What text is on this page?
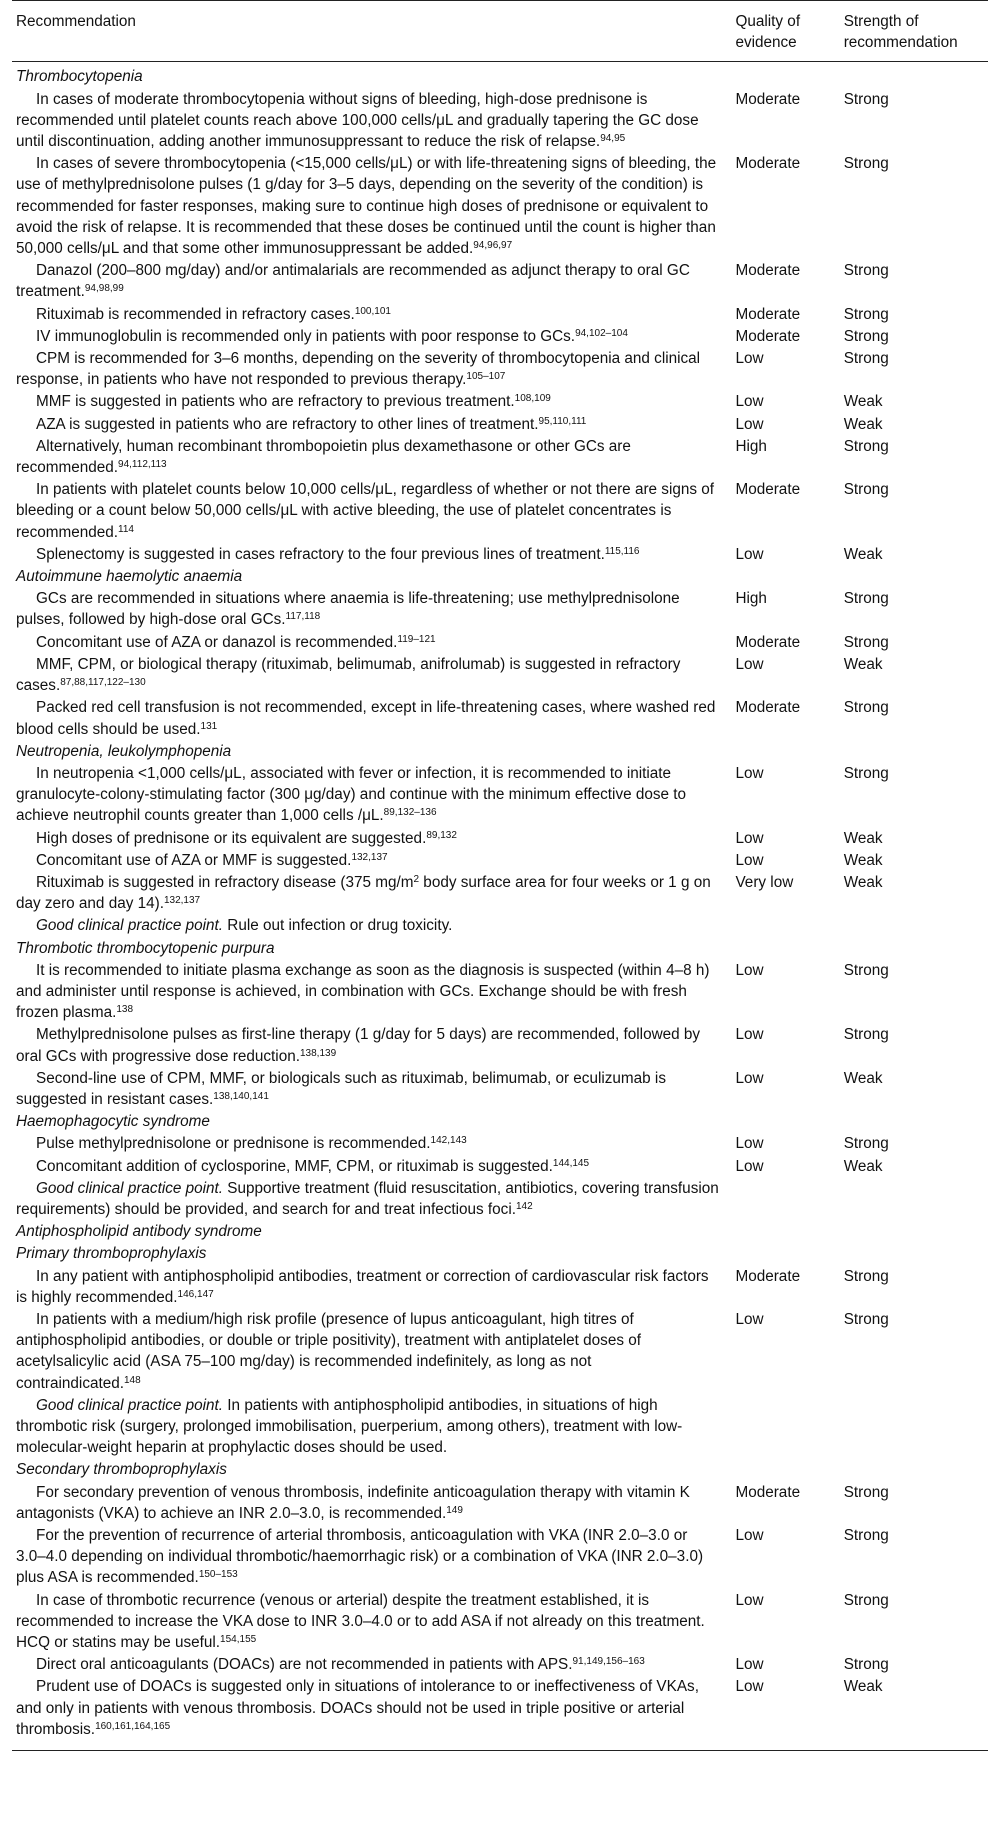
Recommendation	Quality of evidence	Strength of recommendation
Thrombocytopenia		

In cases of moderate thrombocytopenia without signs of bleeding, high-dose prednisone is recommended until platelet counts reach above 100,000 cells/μL and gradually tapering the GC dose until discontinuation, adding another immunosuppressant to reduce the risk of relapse.$^{94,95}$	Moderate	Strong

In cases of severe thrombocytopenia (<15,000 cells/μL) or with life-threatening signs of bleeding, the use of methylprednisolone pulses (1 g/day for 3–5 days, depending on the severity of the condition) is recommended for faster responses, making sure to continue high doses of prednisone or equivalent to avoid the risk of relapse. It is recommended that these doses be continued until the count is higher than 50,000 cells/μL and that some other immunosuppressant be added.$^{94,96,97}$	Moderate	Strong

Danazol (200–800 mg/day) and/or antimalarials are recommended as adjunct therapy to oral GC treatment.$^{94,98,99}$	Moderate	Strong

Rituximab is recommended in refractory cases.$^{100,101}$	Moderate	Strong

IV immunoglobulin is recommended only in patients with poor response to GCs.$^{94,102-104}$	Moderate	Strong

CPM is recommended for 3–6 months, depending on the severity of thrombocytopenia and clinical response, in patients who have not responded to previous therapy.$^{105-107}$	Low	Strong

MMF is suggested in patients who are refractory to previous treatment.$^{108,109}$	Low	Weak

AZA is suggested in patients who are refractory to other lines of treatment.$^{95,110,111}$	Low	Weak

Alternatively, human recombinant thrombopoietin plus dexamethasone or other GCs are recommended.$^{94,112,113}$	High	Strong

In patients with platelet counts below 10,000 cells/μL, regardless of whether or not there are signs of bleeding or a count below 50,000 cells/μL with active bleeding, the use of platelet concentrates is recommended.$^{114}$	Moderate	Strong

Splenectomy is suggested in cases refractory to the four previous lines of treatment.$^{115,116}$	Low	Weak
Autoimmune haemolytic anaemia		

GCs are recommended in situations where anaemia is life-threatening; use methylprednisolone pulses, followed by high-dose oral GCs.$^{117,118}$	High	Strong

Concomitant use of AZA or danazol is recommended.$^{119-121}$	Moderate	Strong

MMF, CPM, or biological therapy (rituximab, belimumab, anifrolumab) is suggested in refractory cases.$^{87,88,117,122-130}$	Low	Weak

Packed red cell transfusion is not recommended, except in life-threatening cases, where washed red blood cells should be used.$^{131}$	Moderate	Strong
Neutropenia, leukolymphopenia		

In neutropenia <1,000 cells/μL, associated with fever or infection, it is recommended to initiate granulocyte-colony-stimulating factor (300 μg/day) and continue with the minimum effective dose to achieve neutrophil counts greater than 1,000 cells /μL.$^{89,132-136}$	Low	Strong

High doses of prednisone or its equivalent are suggested.$^{89,132}$	Low	Weak

Concomitant use of AZA or MMF is suggested.$^{132,137}$	Low	Weak

Rituximab is suggested in refractory disease (375 $mg/m^2$ body surface area for four weeks or 1 g on day zero and day 14).$^{132,137}$	Very low	Weak

Good clinical practice point. Rule out infection or drug toxicity.		

Thrombotic thrombocytopenic purpura		

It is recommended to initiate plasma exchange as soon as the diagnosis is suspected (within 4–8 h) and administer until response is achieved, in combination with GCs. Exchange should be with fresh frozen plasma.$^{138}$	Low	Strong

Methylprednisolone pulses as first-line therapy (1 g/day for 5 days) are recommended, followed by oral GCs with progressive dose reduction.$^{138,139}$	Low	Strong

Second-line use of CPM, MMF, or biologicals such as rituximab, belimumab, or eculizumab is suggested in resistant cases.$^{138,140,141}$	Low	Weak
Haemophagocytic syndrome		

Pulse methylprednisolone or prednisone is recommended.$^{142,143}$	Low	Strong

Concomitant addition of cyclosporine, MMF, CPM, or rituximab is suggested.$^{144,145}$	Low	Weak

Good clinical practice point. Supportive treatment (fluid resuscitation, antibiotics, covering transfusion requirements) should be provided, and search for and treat infectious foci.$^{142}$

Antiphospholipid antibody syndrome		
Primary thromboprophylaxis		

In any patient with antiphospholipid antibodies, treatment or correction of cardiovascular risk factors is highly recommended.$^{146,147}$	Moderate	Strong

In patients with a medium/high risk profile (presence of lupus anticoagulant, high titres of antiphospholipid antibodies, or double or triple positivity), treatment with antiplatelet doses of acetylsalicylic acid (ASA 75–100 mg/day) is recommended indefinitely, as long as not contraindicated.$^{148}$	Low	Strong

Good clinical practice point. In patients with antiphospholipid antibodies, in situations of high thrombotic risk (surgery, prolonged immobilisation, puerperium, among others), treatment with low-molecular-weight heparin at prophylactic doses should be used.		

Secondary thromboprophylaxis		

For secondary prevention of venous thrombosis, indefinite anticoagulation therapy with vitamin K antagonists (VKA) to achieve an INR 2.0–3.0, is recommended.$^{149}$	Moderate	Strong

For the prevention of recurrence of arterial thrombosis, anticoagulation with VKA (INR 2.0–3.0 or 3.0–4.0 depending on individual thrombotic/haemorrhagic risk) or a combination of VKA (INR 2.0–3.0) plus ASA is recommended.$^{150-153}$	Low	Strong

In case of thrombotic recurrence (venous or arterial) despite the treatment established, it is recommended to increase the VKA dose to INR 3.0–4.0 or to add ASA if not already on this treatment. HCQ or statins may be useful.$^{154,155}$	Low	Strong

Direct oral anticoagulants (DOACs) are not recommended in patients with APS.$^{91,149,156-163}$	Low	Strong

Prudent use of DOACs is suggested only in situations of intolerance to or ineffectiveness of VKAs, and only in patients with venous thrombosis. DOACs should not be used in triple positive or arterial thrombosis.$^{160,161,164,165}$	Low	Weak
